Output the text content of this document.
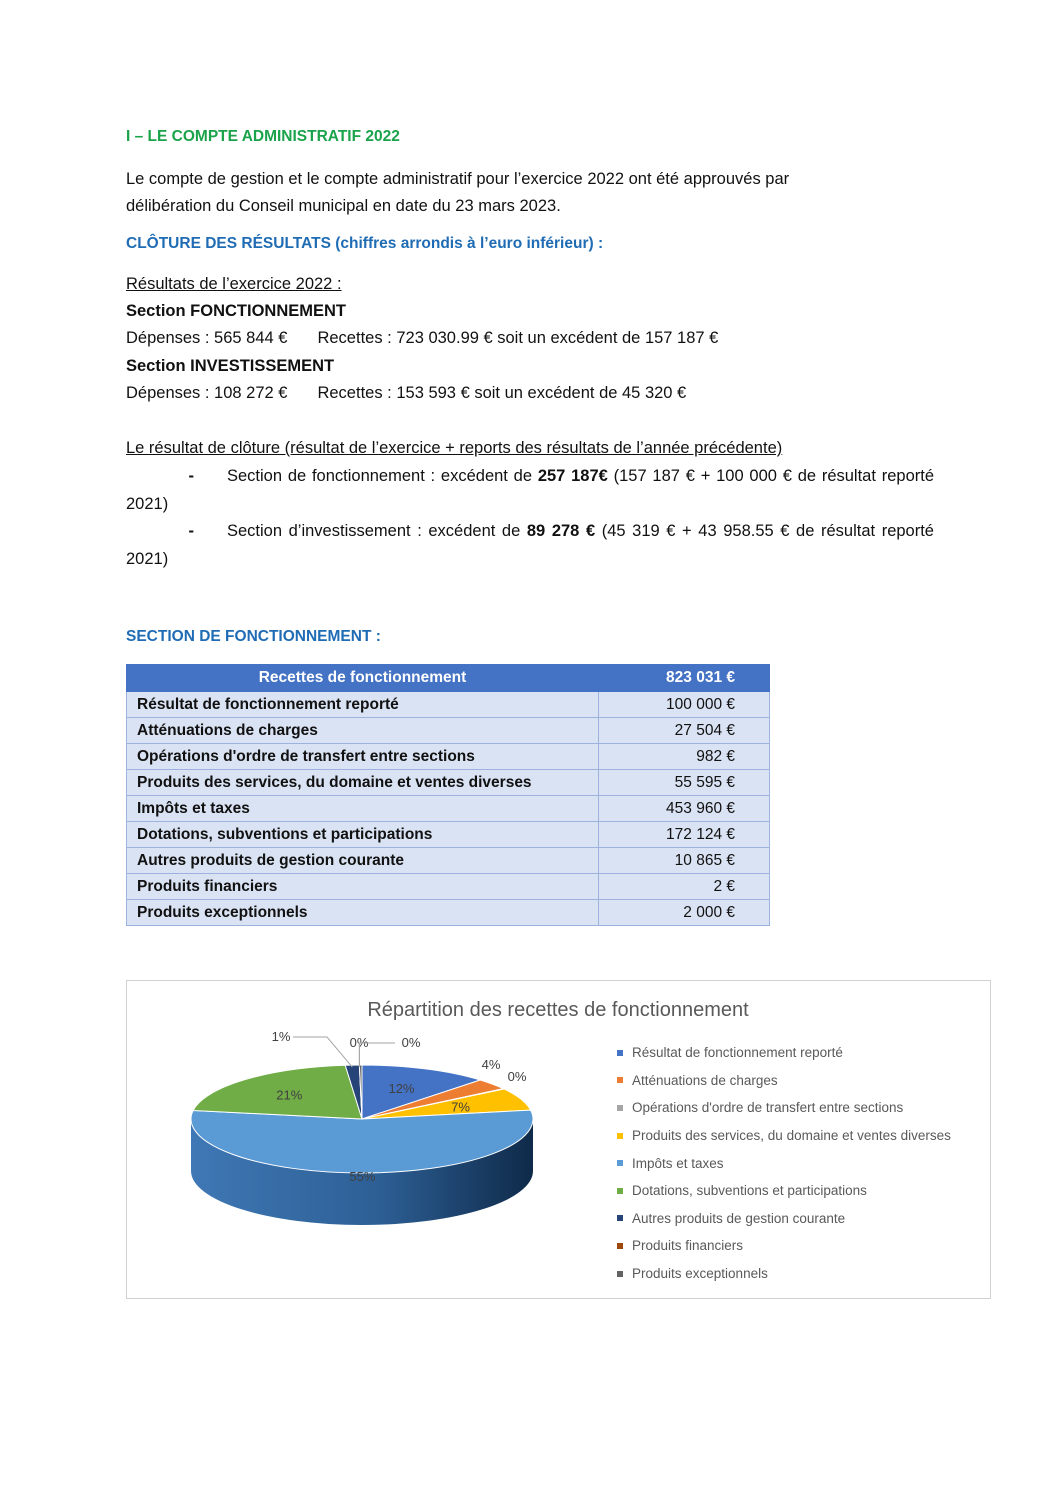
I – LE COMPTE ADMINISTRATIF 2022
Le compte de gestion et le compte administratif pour l’exercice 2022 ont été approuvés par
délibération du Conseil municipal en date du 23 mars 2023.
CLÔTURE DES RÉSULTATS (chiffres arrondis à l’euro inférieur) :
Résultats de l’exercice 2022 :
Section FONCTIONNEMENT
Dépenses : 565 844 € Recettes : 723 030.99 € soit un excédent de 157 187 €
Section INVESTISSEMENT
Dépenses : 108 272 € Recettes : 153 593 € soit un excédent de 45 320 €
Le résultat de clôture (résultat de l’exercice + reports des résultats de l’année précédente)
- Section de fonctionnement : excédent de 257 187€ (157 187 € + 100 000 € de résultat reporté 2021)
- Section d’investissement : excédent de 89 278 € (45 319 € + 43 958.55 € de résultat reporté 2021)
SECTION DE FONCTIONNEMENT :
Recettes de fonctionnement	823 031 €
Résultat de fonctionnement reporté	100 000 €
Atténuations de charges	27 504 €
Opérations d'ordre de transfert entre sections	982 €
Produits des services, du domaine et ventes diverses	55 595 €
Impôts et taxes	453 960 €
Dotations, subventions et participations	172 124 €
Autres produits de gestion courante	10 865 €
Produits financiers	2 €
Produits exceptionnels	2 000 €
Répartition des recettes de fonctionnement
12%
4%
0%
7%
55%
21%
1%	0%	0%
Résultat de fonctionnement reporté
Atténuations de charges
Opérations d'ordre de transfert entre sections
Produits des services, du domaine et ventes diverses
Impôts et taxes
Dotations, subventions et participations
Autres produits de gestion courante
Produits financiers
Produits exceptionnels
